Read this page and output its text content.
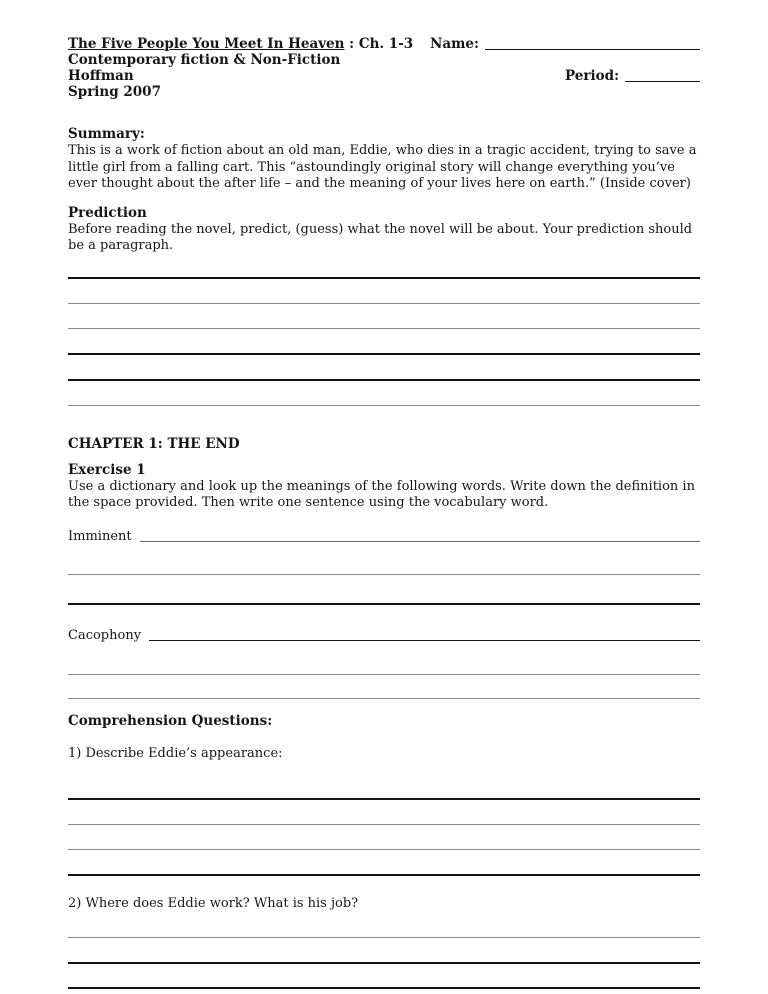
The Five People You Meet In Heaven : Ch. 1-3 Name:
Contemporary fiction & Non-Fiction
Hoffman	Period:
Spring 2007
Summary:
This is a work of fiction about an old man, Eddie, who dies in a tragic accident, trying to save a little girl from a falling cart. This “astoundingly original story will change everything you’ve ever thought about the after life – and the meaning of your lives here on earth.” (Inside cover)
Prediction
Before reading the novel, predict, (guess) what the novel will be about. Your prediction should be a paragraph.
CHAPTER 1: THE END
Exercise 1
Use a dictionary and look up the meanings of the following words. Write down the definition in the space provided. Then write one sentence using the vocabulary word.
Imminent
Cacophony
Comprehension Questions:
1) Describe Eddie’s appearance:
2) Where does Eddie work? What is his job?
